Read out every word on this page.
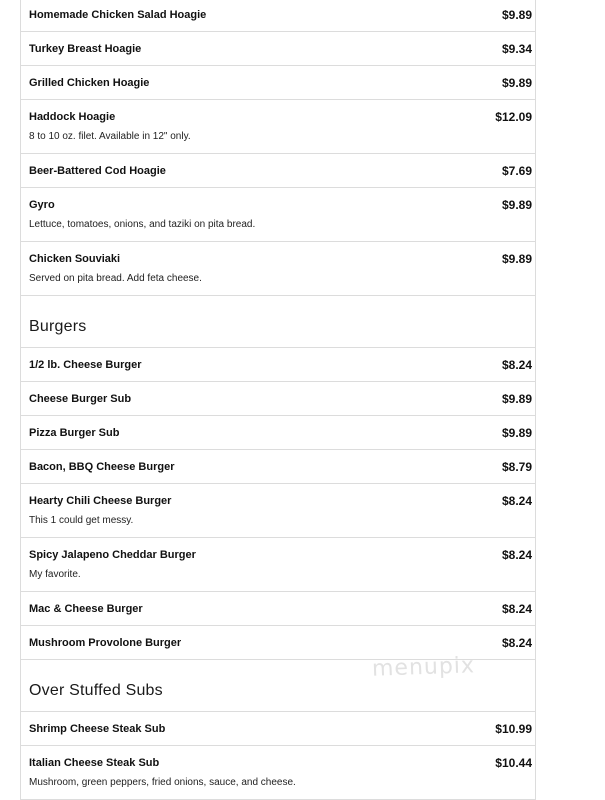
Homemade Chicken Salad Hoagie	$9.89
Turkey Breast Hoagie	$9.34
Grilled Chicken Hoagie	$9.89
Haddock Hoagie	$12.09
8 to 10 oz. filet. Available in 12" only.
Beer-Battered Cod Hoagie	$7.69
Gyro	$9.89
Lettuce, tomatoes, onions, and taziki on pita bread.
Chicken Souviaki	$9.89
Served on pita bread. Add feta cheese.
Burgers
1/2 lb. Cheese Burger	$8.24
Cheese Burger Sub	$9.89
Pizza Burger Sub	$9.89
Bacon, BBQ Cheese Burger	$8.79
Hearty Chili Cheese Burger	$8.24
This 1 could get messy.
Spicy Jalapeno Cheddar Burger	$8.24
My favorite.
Mac & Cheese Burger	$8.24
Mushroom Provolone Burger	$8.24
Over Stuffed Subs
Shrimp Cheese Steak Sub	$10.99
Italian Cheese Steak Sub	$10.44
Mushroom, green peppers, fried onions, sauce, and cheese.
menupix
